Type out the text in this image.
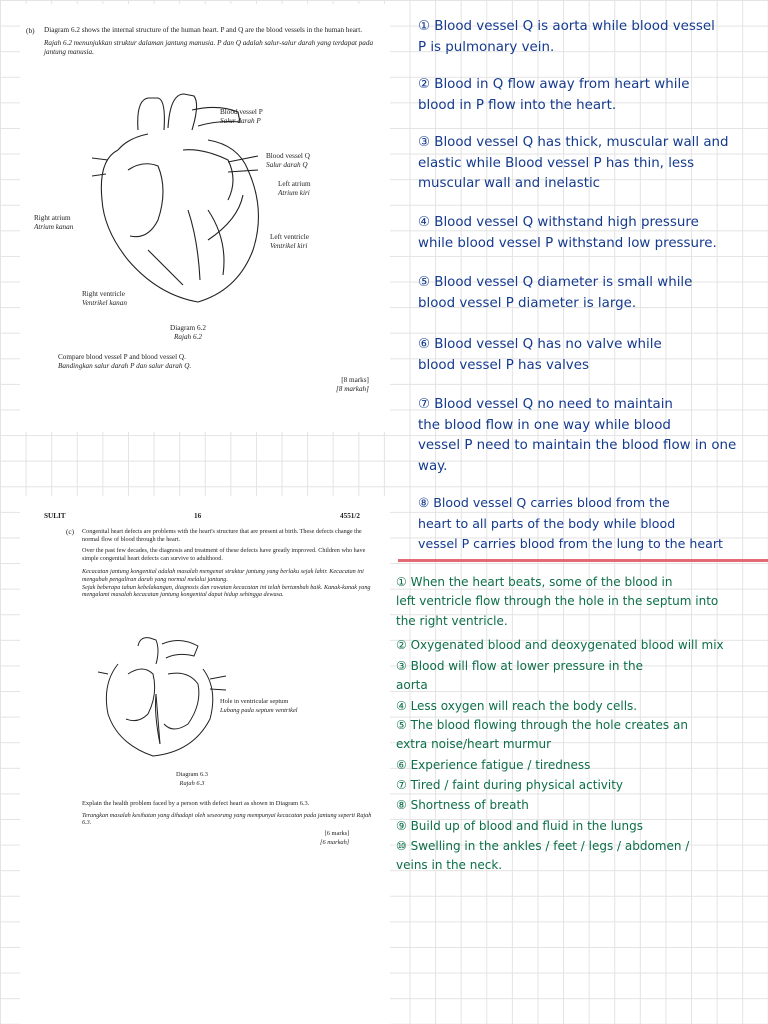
(b) Diagram 6.2 shows the internal structure of the human heart. P and Q are the blood vessels in the human heart.

Rajah 6.2 menunjukkan struktur dalaman jantung manusia. P dan Q adalah salur-salur darah yang terdapat pada jantung manusia.

Blood vessel P
Salur darah P
Blood vessel Q
Salur darah Q
Left atrium
Atrium kiri
Right atrium
Atrium kanan
Left ventricle
Ventrikel kiri
Right ventricle
Ventrikel kanan
Diagram 6.2
Rajah 6.2

Compare blood vessel P and blood vessel Q.

Bandingkan salur darah P dan salur darah Q.

[8 marks]
[8 markah]
SULIT	16	4551/2
(c) Congenital heart defects are problems with the heart's structure that are present at birth. These defects change the normal flow of blood through the heart.

Over the past few decades, the diagnosis and treatment of these defects have greatly improved. Children who have simple congenital heart defects can survive to adulthood.

Kecacatan jantung kongenital adalah masalah mengenai struktur jantung yang berlaku sejak lahir. Kecacatan ini mengubah pengaliran darah yang normal melalui jantung.

Sejak beberapa tahun kebelakangan, diagnosis dan rawatan kecacatan ini telah bertambah baik. Kanak-kanak yang mengalami masalah kecacatan jantung kongenital dapat hidup sehingga dewasa.

Hole in ventricular septum
Lubang pada septum ventrikel
Diagram 6.3
Rajah 6.3

Explain the health problem faced by a person with defect heart as shown in Diagram 6.3.

Terangkan masalah kesihatan yang dihadapi oleh seseorang yang mempunyai kecacatan pada jantung seperti Rajah 6.3.

[6 marks]
[6 markah]
① Blood vessel Q is aorta while blood vessel
P is pulmonary vein.
② Blood in Q flow away from heart while
blood in P flow into the heart.
③ Blood vessel Q has thick, muscular wall and
elastic while Blood vessel P has thin, less
muscular wall and inelastic
④ Blood vessel Q withstand high pressure
while blood vessel P withstand low pressure.
⑤ Blood vessel Q diameter is small while
blood vessel P diameter is large.
⑥ Blood vessel Q has no valve while
blood vessel P has valves
⑦ Blood vessel Q no need to maintain
the blood flow in one way while blood
vessel P need to maintain the blood flow in one
way.
⑧ Blood vessel Q carries blood from the
heart to all parts of the body while blood
vessel P carries blood from the lung to the heart
① When the heart beats, some of the blood in
left ventricle flow through the hole in the septum into
the right ventricle.
② Oxygenated blood and deoxygenated blood will mix
③ Blood will flow at lower pressure in the
aorta
④ Less oxygen will reach the body cells.
⑤ The blood flowing through the hole creates an
extra noise/heart murmur
⑥ Experience fatigue / tiredness
⑦ Tired / faint during physical activity
⑧ Shortness of breath
⑨ Build up of blood and fluid in the lungs
⑩ Swelling in the ankles / feet / legs / abdomen /
veins in the neck.
